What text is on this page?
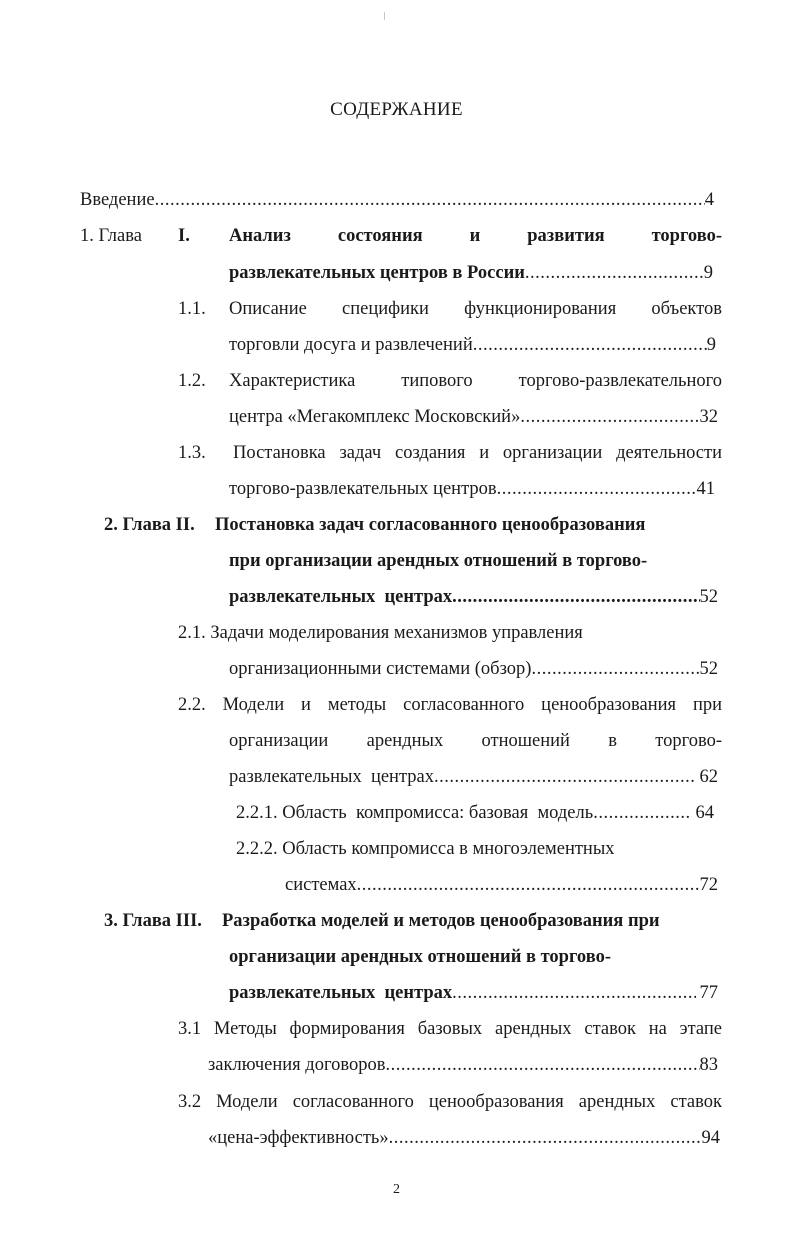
СОДЕРЖАНИЕ
Введение .....	4
1. Глава I. Анализ	состояния	и	развития	торгово-
развлекательных центров в России .....	9
1.1. Описание специфики функционирования объектов
торговли досуга и развлечений .....	9
1.2. Характеристика типового торгово-развлекательного
центра «Мегакомплекс Московский» .....	32
1.3. Постановка задач создания и организации деятельности
торгово-развлекательных центров .....	41
2. Глава II. Постановка задач согласованного ценообразования
при организации арендных отношений в торгово-
развлекательных  центрах .....	52
2.1. Задачи моделирования механизмов управления
организационными системами (обзор) .....	52
2.2. Модели и методы согласованного ценообразования при
организации арендных отношений в торгово-
развлекательных  центрах .....	62
2.2.1. Область  компромисса: базовая  модель .....	64
2.2.2. Область компромисса в многоэлементных
системах .....	72
3. Глава III. Разработка моделей и методов ценообразования при
организации арендных отношений в торгово-
развлекательных  центрах .....	77
3.1 Методы формирования базовых арендных ставок на этапе
заключения договоров .....	83
3.2 Модели согласованного ценообразования арендных ставок
«цена-эффективность» .....	94
2
